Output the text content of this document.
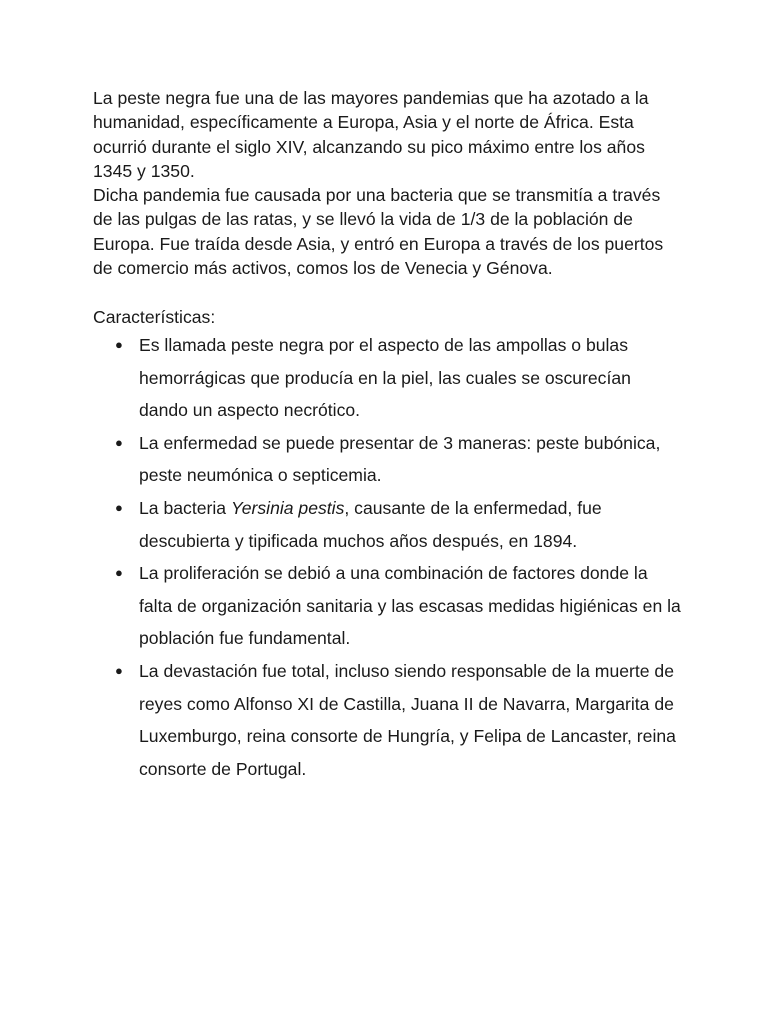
La peste negra fue una de las mayores pandemias que ha azotado a la humanidad, específicamente a Europa, Asia y el norte de África. Esta ocurrió durante el siglo XIV, alcanzando su pico máximo entre los años 1345 y 1350.

Dicha pandemia fue causada por una bacteria que se transmitía a través de las pulgas de las ratas, y se llevó la vida de 1/3 de la población de Europa. Fue traída desde Asia, y entró en Europa a través de los puertos de comercio más activos, comos los de Venecia y Génova.

Características:

● Es llamada peste negra por el aspecto de las ampollas o bulas hemorrágicas que producía en la piel, las cuales se oscurecían dando un aspecto necrótico.
● La enfermedad se puede presentar de 3 maneras: peste bubónica, peste neumónica o septicemia.
● La bacteria Yersinia pestis, causante de la enfermedad, fue descubierta y tipificada muchos años después, en 1894.
● La proliferación se debió a una combinación de factores donde la falta de organización sanitaria y las escasas medidas higiénicas en la población fue fundamental.
● La devastación fue total, incluso siendo responsable de la muerte de reyes como Alfonso XI de Castilla, Juana II de Navarra, Margarita de Luxemburgo, reina consorte de Hungría, y Felipa de Lancaster, reina consorte de Portugal.
